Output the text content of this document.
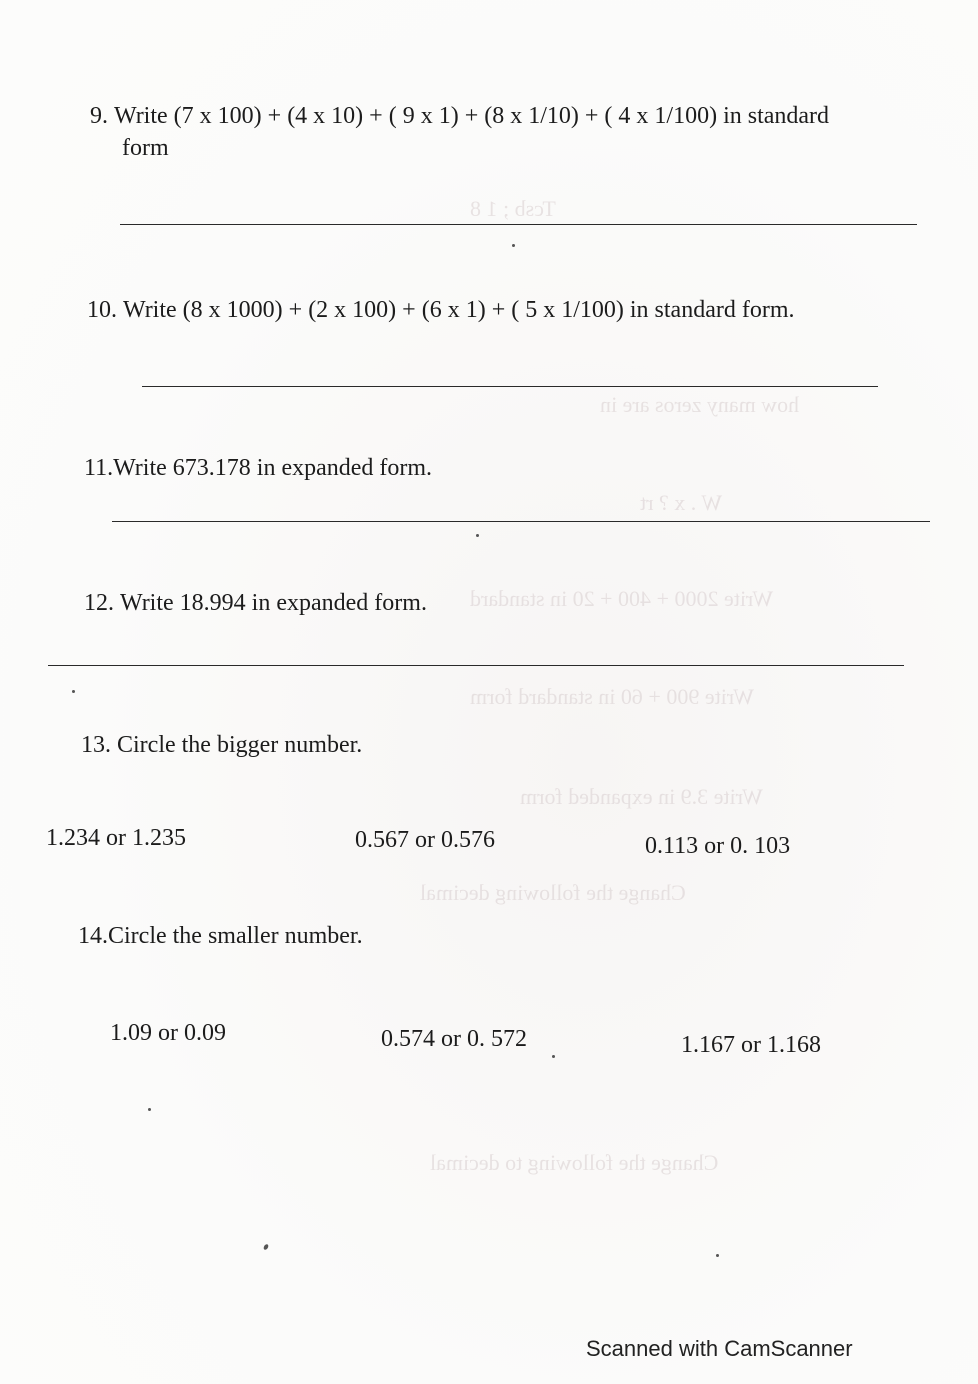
Tcsb ; 1 8
how many zeros are in
W . x ? rt
Write 2000 + 400 + 20 in standard
Write 900 + 60 in standard form
Write 3.9 in expanded form
Change the following decimal
Change the following to decimal
9. Write (7 x 100) + (4 x 10) + ( 9 x 1) + (8 x 1/10) + ( 4 x 1/100) in standard
form
10. Write (8 x 1000) + (2 x 100) + (6 x 1) + ( 5 x 1/100) in standard form.
11.Write 673.178 in expanded form.
12. Write 18.994 in expanded form.
13. Circle the bigger number.
1.234 or 1.235	0.567 or 0.576	0.113 or 0. 103
14.Circle the smaller number.
1.09 or 0.09	0.574 or 0. 572	1.167 or 1.168
Scanned with CamScanner
